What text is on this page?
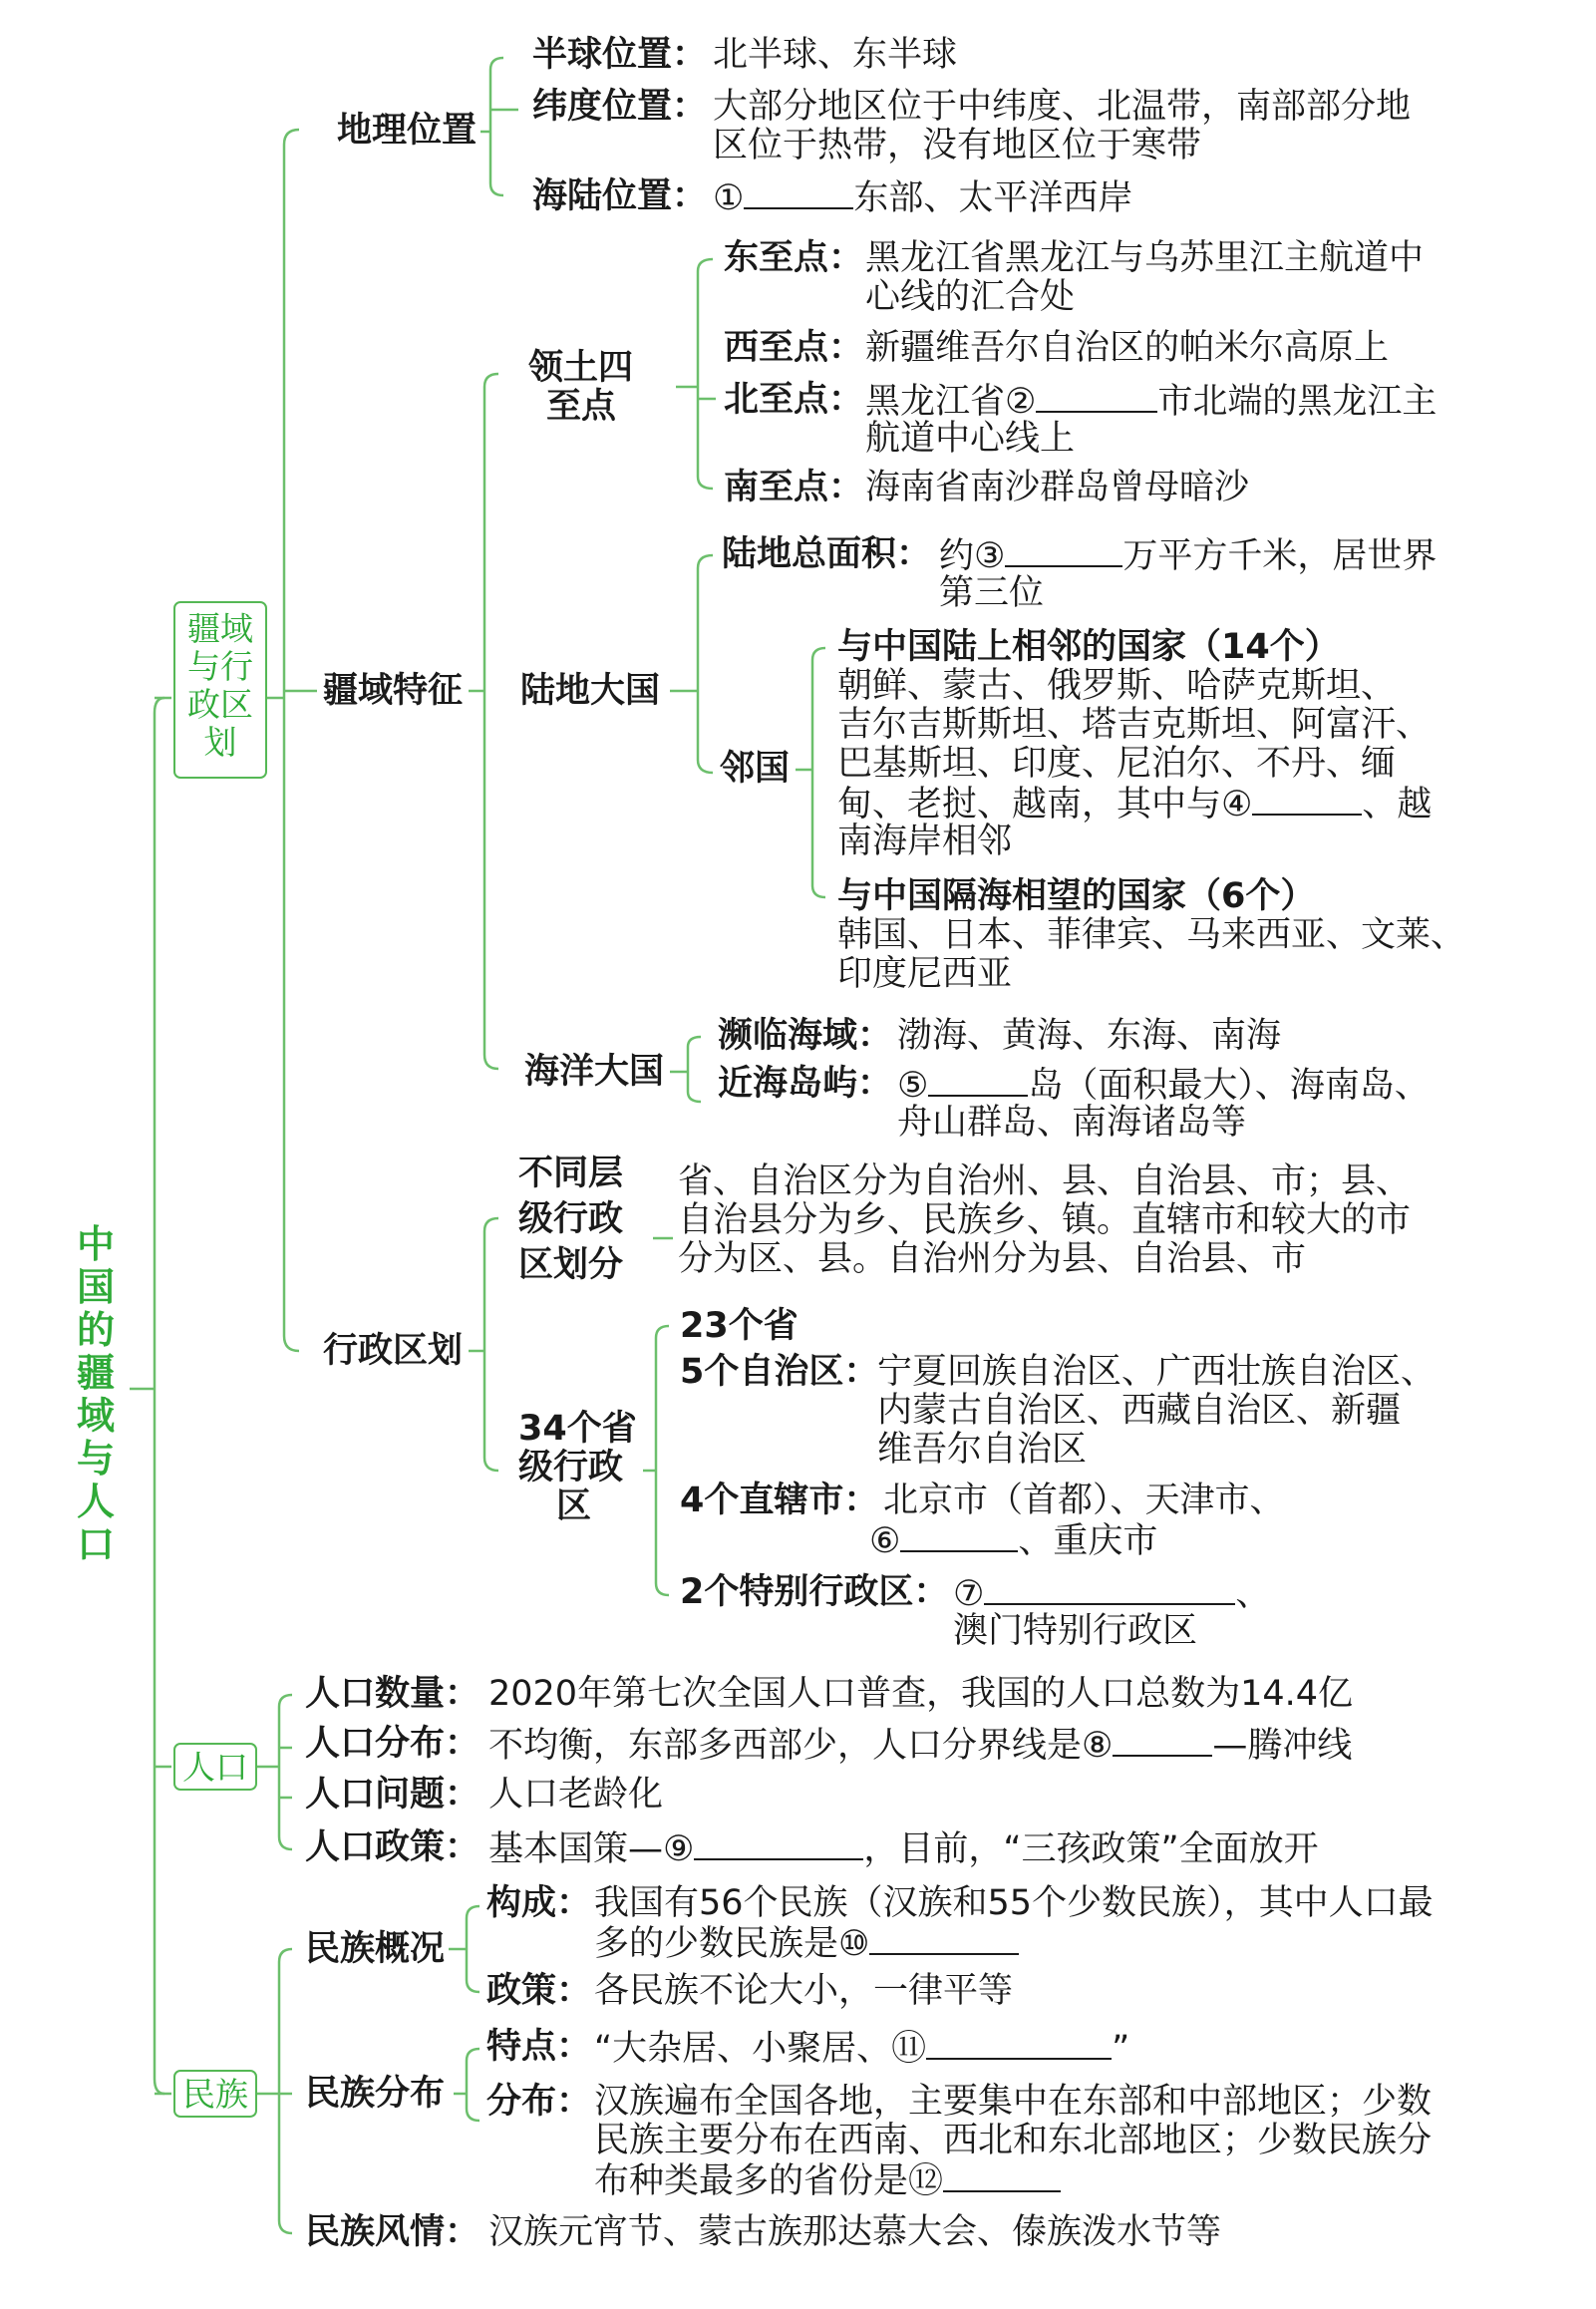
中国的疆域与人口
疆域与行政区划
人口
民族
地理位置
半球位置： 北半球、东半球
纬度位置： 大部分地区位于中纬度、北温带，南部部分地
区位于热带，没有地区位于寒带
海陆位置： ①	东部、太平洋西岸
疆域特征
领土四
至点
东至点： 黑龙江省黑龙江与乌苏里江主航道中
心线的汇合处
西至点： 新疆维吾尔自治区的帕米尔高原上
北至点： 黑龙江省②	市北端的黑龙江主
航道中心线上
南至点： 海南省南沙群岛曾母暗沙
陆地大国
陆地总面积： 约③	万平方千米，居世界
第三位
邻国
与中国陆上相邻的国家（14个）
朝鲜、蒙古、俄罗斯、哈萨克斯坦、
吉尔吉斯斯坦、塔吉克斯坦、阿富汗、
巴基斯坦、印度、尼泊尔、不丹、缅
甸、老挝、越南，其中与④	、越
南海岸相邻
与中国隔海相望的国家（6个）
韩国、日本、菲律宾、马来西亚、文莱、
印度尼西亚
海洋大国
濒临海域： 渤海、黄海、东海、南海
近海岛屿： ⑤	岛（面积最大）、海南岛、
舟山群岛、南海诸岛等
行政区划
不同层
级行政
区划分
省、自治区分为自治州、县、自治县、市；县、
自治县分为乡、民族乡、镇。直辖市和较大的市
分为区、县。自治州分为县、自治县、市
34个省
级行政
区
23个省
5个自治区：
宁夏回族自治区、广西壮族自治区、
内蒙古自治区、西藏自治区、新疆
维吾尔自治区
4个直辖市： 北京市（首都）、天津市、
⑥	、重庆市
2个特别行政区： ⑦	、
澳门特别行政区
人口数量： 2020年第七次全国人口普查，我国的人口总数为14.4亿
人口分布： 不均衡，东部多西部少，人口分界线是⑧	—腾冲线
人口问题： 人口老龄化
人口政策： 基本国策—⑨	，目前，“三孩政策”全面放开
民族概况
构成： 我国有56个民族（汉族和55个少数民族），其中人口最
多的少数民族是⑩
政策： 各民族不论大小，一律平等
民族分布
特点： “大杂居、小聚居、⑪	”
分布： 汉族遍布全国各地，主要集中在东部和中部地区；少数
民族主要分布在西南、西北和东北部地区；少数民族分
布种类最多的省份是⑫
民族风情： 汉族元宵节、蒙古族那达慕大会、傣族泼水节等
